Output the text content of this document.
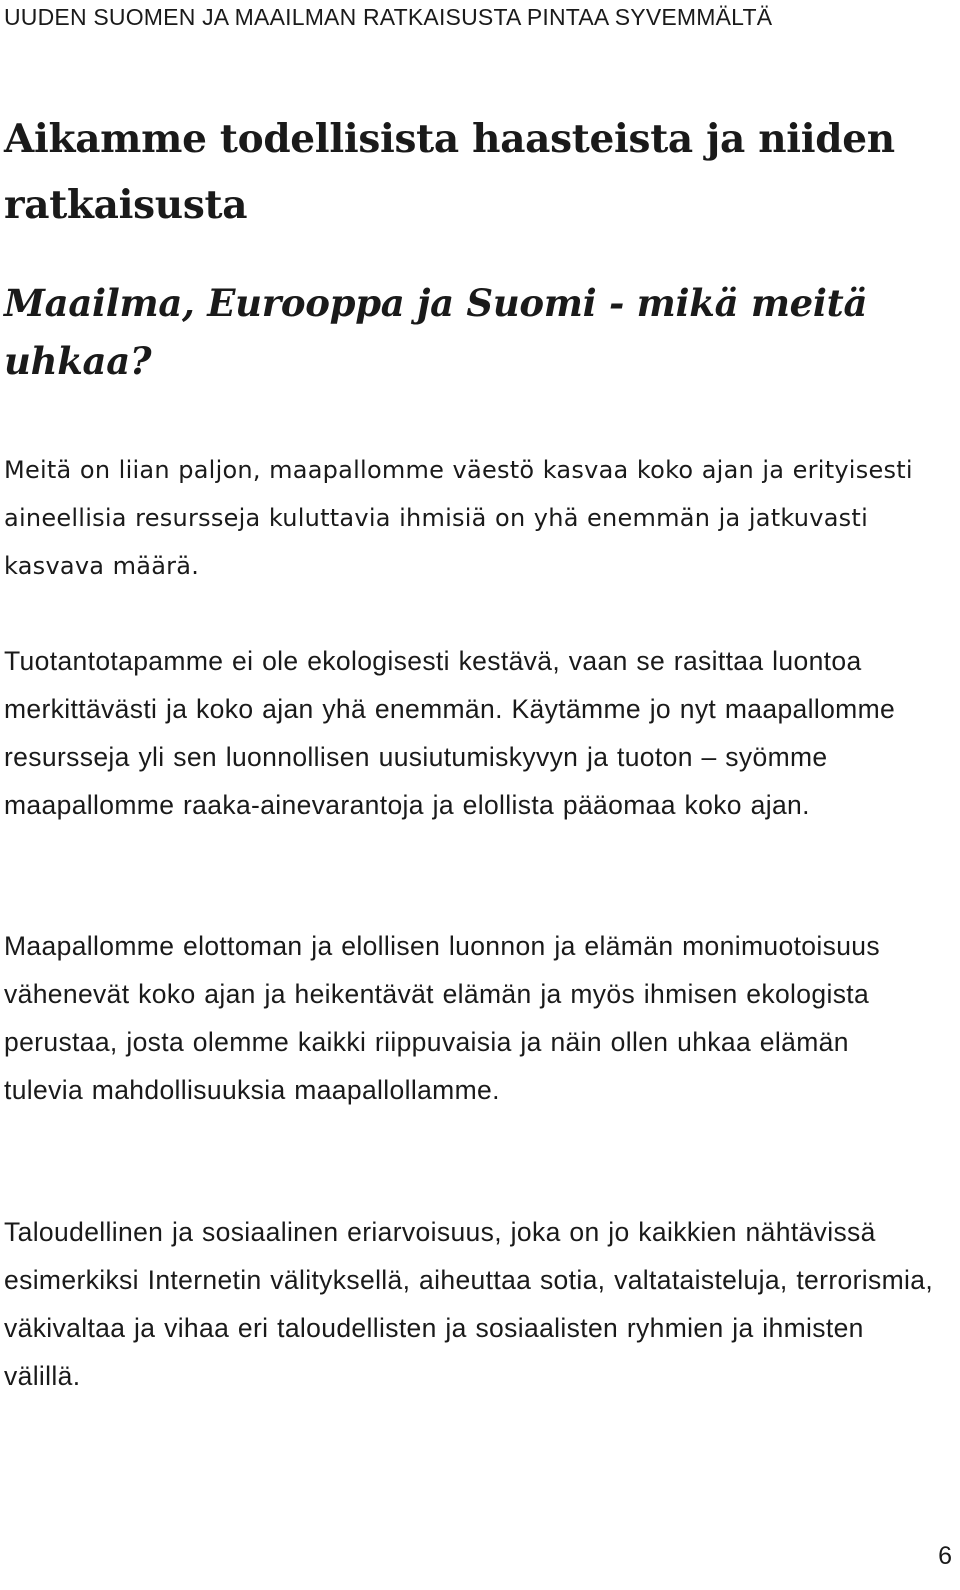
UUDEN SUOMEN JA MAAILMAN RATKAISUSTA PINTAA SYVEMMÄLTÄ
Aikamme todellisista haasteista ja niiden ratkaisusta
Maailma, Eurooppa ja Suomi - mikä meitä uhkaa?

Meitä on liian paljon, maapallomme väestö kasvaa koko ajan ja erityisesti aineellisia resursseja kuluttavia ihmisiä on yhä enemmän ja jatkuvasti kasvava määrä.

Tuotantotapamme ei ole ekologisesti kestävä, vaan se rasittaa luontoa merkittävästi ja koko ajan yhä enemmän. Käytämme jo nyt maapallomme resursseja yli sen luonnollisen uusiutumiskyvyn ja tuoton – syömme maapallomme raaka-ainevarantoja ja elollista pääomaa koko ajan.

Maapallomme elottoman ja elollisen luonnon ja elämän monimuotoisuus vähenevät koko ajan ja heikentävät elämän ja myös ihmisen ekologista perustaa, josta olemme kaikki riippuvaisia ja näin ollen uhkaa elämän tulevia mahdollisuuksia maapallollamme.

Taloudellinen ja sosiaalinen eriarvoisuus, joka on jo kaikkien nähtävissä esimerkiksi Internetin välityksellä, aiheuttaa sotia, valtataisteluja, terrorismia, väkivaltaa ja vihaa eri taloudellisten ja sosiaalisten ryhmien ja ihmisten välillä.

6
